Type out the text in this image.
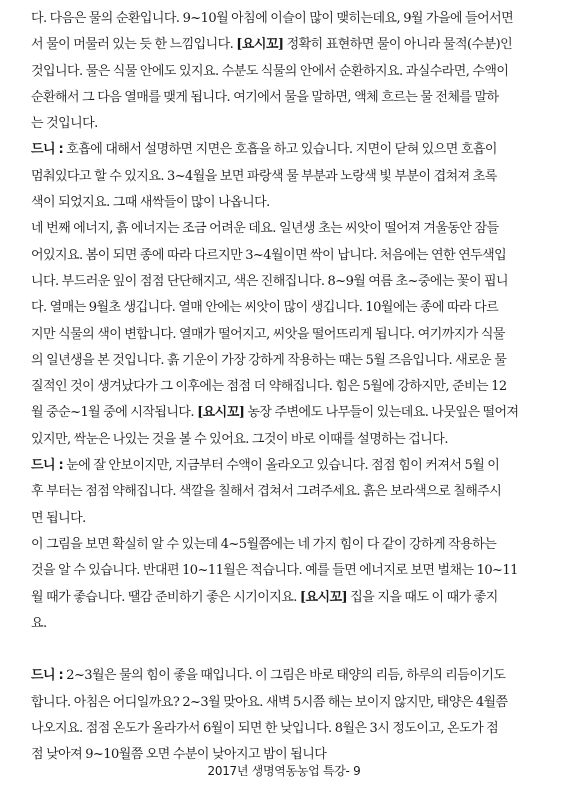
다. 다음은 물의 순환입니다. 9~10월 아침에 이슬이 많이 맺히는데요, 9월 가을에 들어서면
서 물이 머물러 있는 듯 한 느낌입니다. [요시꼬] 정확히 표현하면 물이 아니라 물적(수분)인
것입니다. 물은 식물 안에도 있지요. 수분도 식물의 안에서 순환하지요. 과실수라면, 수액이
순환해서 그 다음 열매를 맺게 됩니다. 여기에서 물을 말하면, 액체 흐르는 물 전체를 말하
는 것입니다.
드니 : 호흡에 대해서 설명하면 지면은 호흡을 하고 있습니다. 지면이 닫혀 있으면 호흡이
멈춰있다고 할 수 있지요. 3~4월을 보면 파랑색 물 부분과 노랑색 빛 부분이 겹쳐져 초록
색이 되었지요. 그때 새싹들이 많이 나옵니다.
네 번째 에너지, 흙 에너지는 조금 어려운 데요. 일년생 초는 씨앗이 떨어져 겨울동안 잠들
어있지요. 봄이 되면 종에 따라 다르지만 3~4월이면 싹이 납니다. 처음에는 연한 연두색입
니다. 부드러운 잎이 점점 단단해지고, 색은 진해집니다. 8~9월 여름 초~중에는 꽃이 핍니
다. 열매는 9월초 생깁니다. 열매 안에는 씨앗이 많이 생깁니다. 10월에는 종에 따라 다르
지만 식물의 색이 변합니다. 열매가 떨어지고, 씨앗을 떨어뜨리게 됩니다. 여기까지가 식물
의 일년생을 본 것입니다. 흙 기운이 가장 강하게 작용하는 때는 5월 즈음입니다. 새로운 물
질적인 것이 생겨났다가 그 이후에는 점점 더 약해집니다. 힘은 5월에 강하지만, 준비는 12
월 중순~1월 중에 시작됩니다. [요시꼬] 농장 주변에도 나무들이 있는데요. 나뭇잎은 떨어져
있지만, 싹눈은 나있는 것을 볼 수 있어요. 그것이 바로 이때를 설명하는 겁니다.
드니 : 눈에 잘 안보이지만, 지금부터 수액이 올라오고 있습니다. 점점 힘이 커져서 5월 이
후 부터는 점점 약해집니다. 색깔을 칠해서 겹쳐서 그려주세요. 흙은 보라색으로 칠해주시
면 됩니다.
이 그림을 보면 확실히 알 수 있는데 4~5월쯤에는 네 가지 힘이 다 같이 강하게 작용하는
것을 알 수 있습니다. 반대편 10~11월은 적습니다. 예를 들면 에너지로 보면 벌채는 10~11
월 때가 좋습니다. 땔감 준비하기 좋은 시기이지요. [요시꼬] 집을 지을 때도 이 때가 좋지
요.
드니 : 2~3월은 물의 힘이 좋을 때입니다. 이 그림은 바로 태양의 리듬, 하루의 리듬이기도
합니다. 아침은 어디일까요? 2~3월 맞아요. 새벽 5시쯤 해는 보이지 않지만, 태양은 4월쯤
나오지요. 점점 온도가 올라가서 6월이 되면 한 낮입니다. 8월은 3시 정도이고, 온도가 점
점 낮아져 9~10월쯤 오면 수분이 낮아지고 밤이 됩니다
2017년 생명역동농업 특강- 9
